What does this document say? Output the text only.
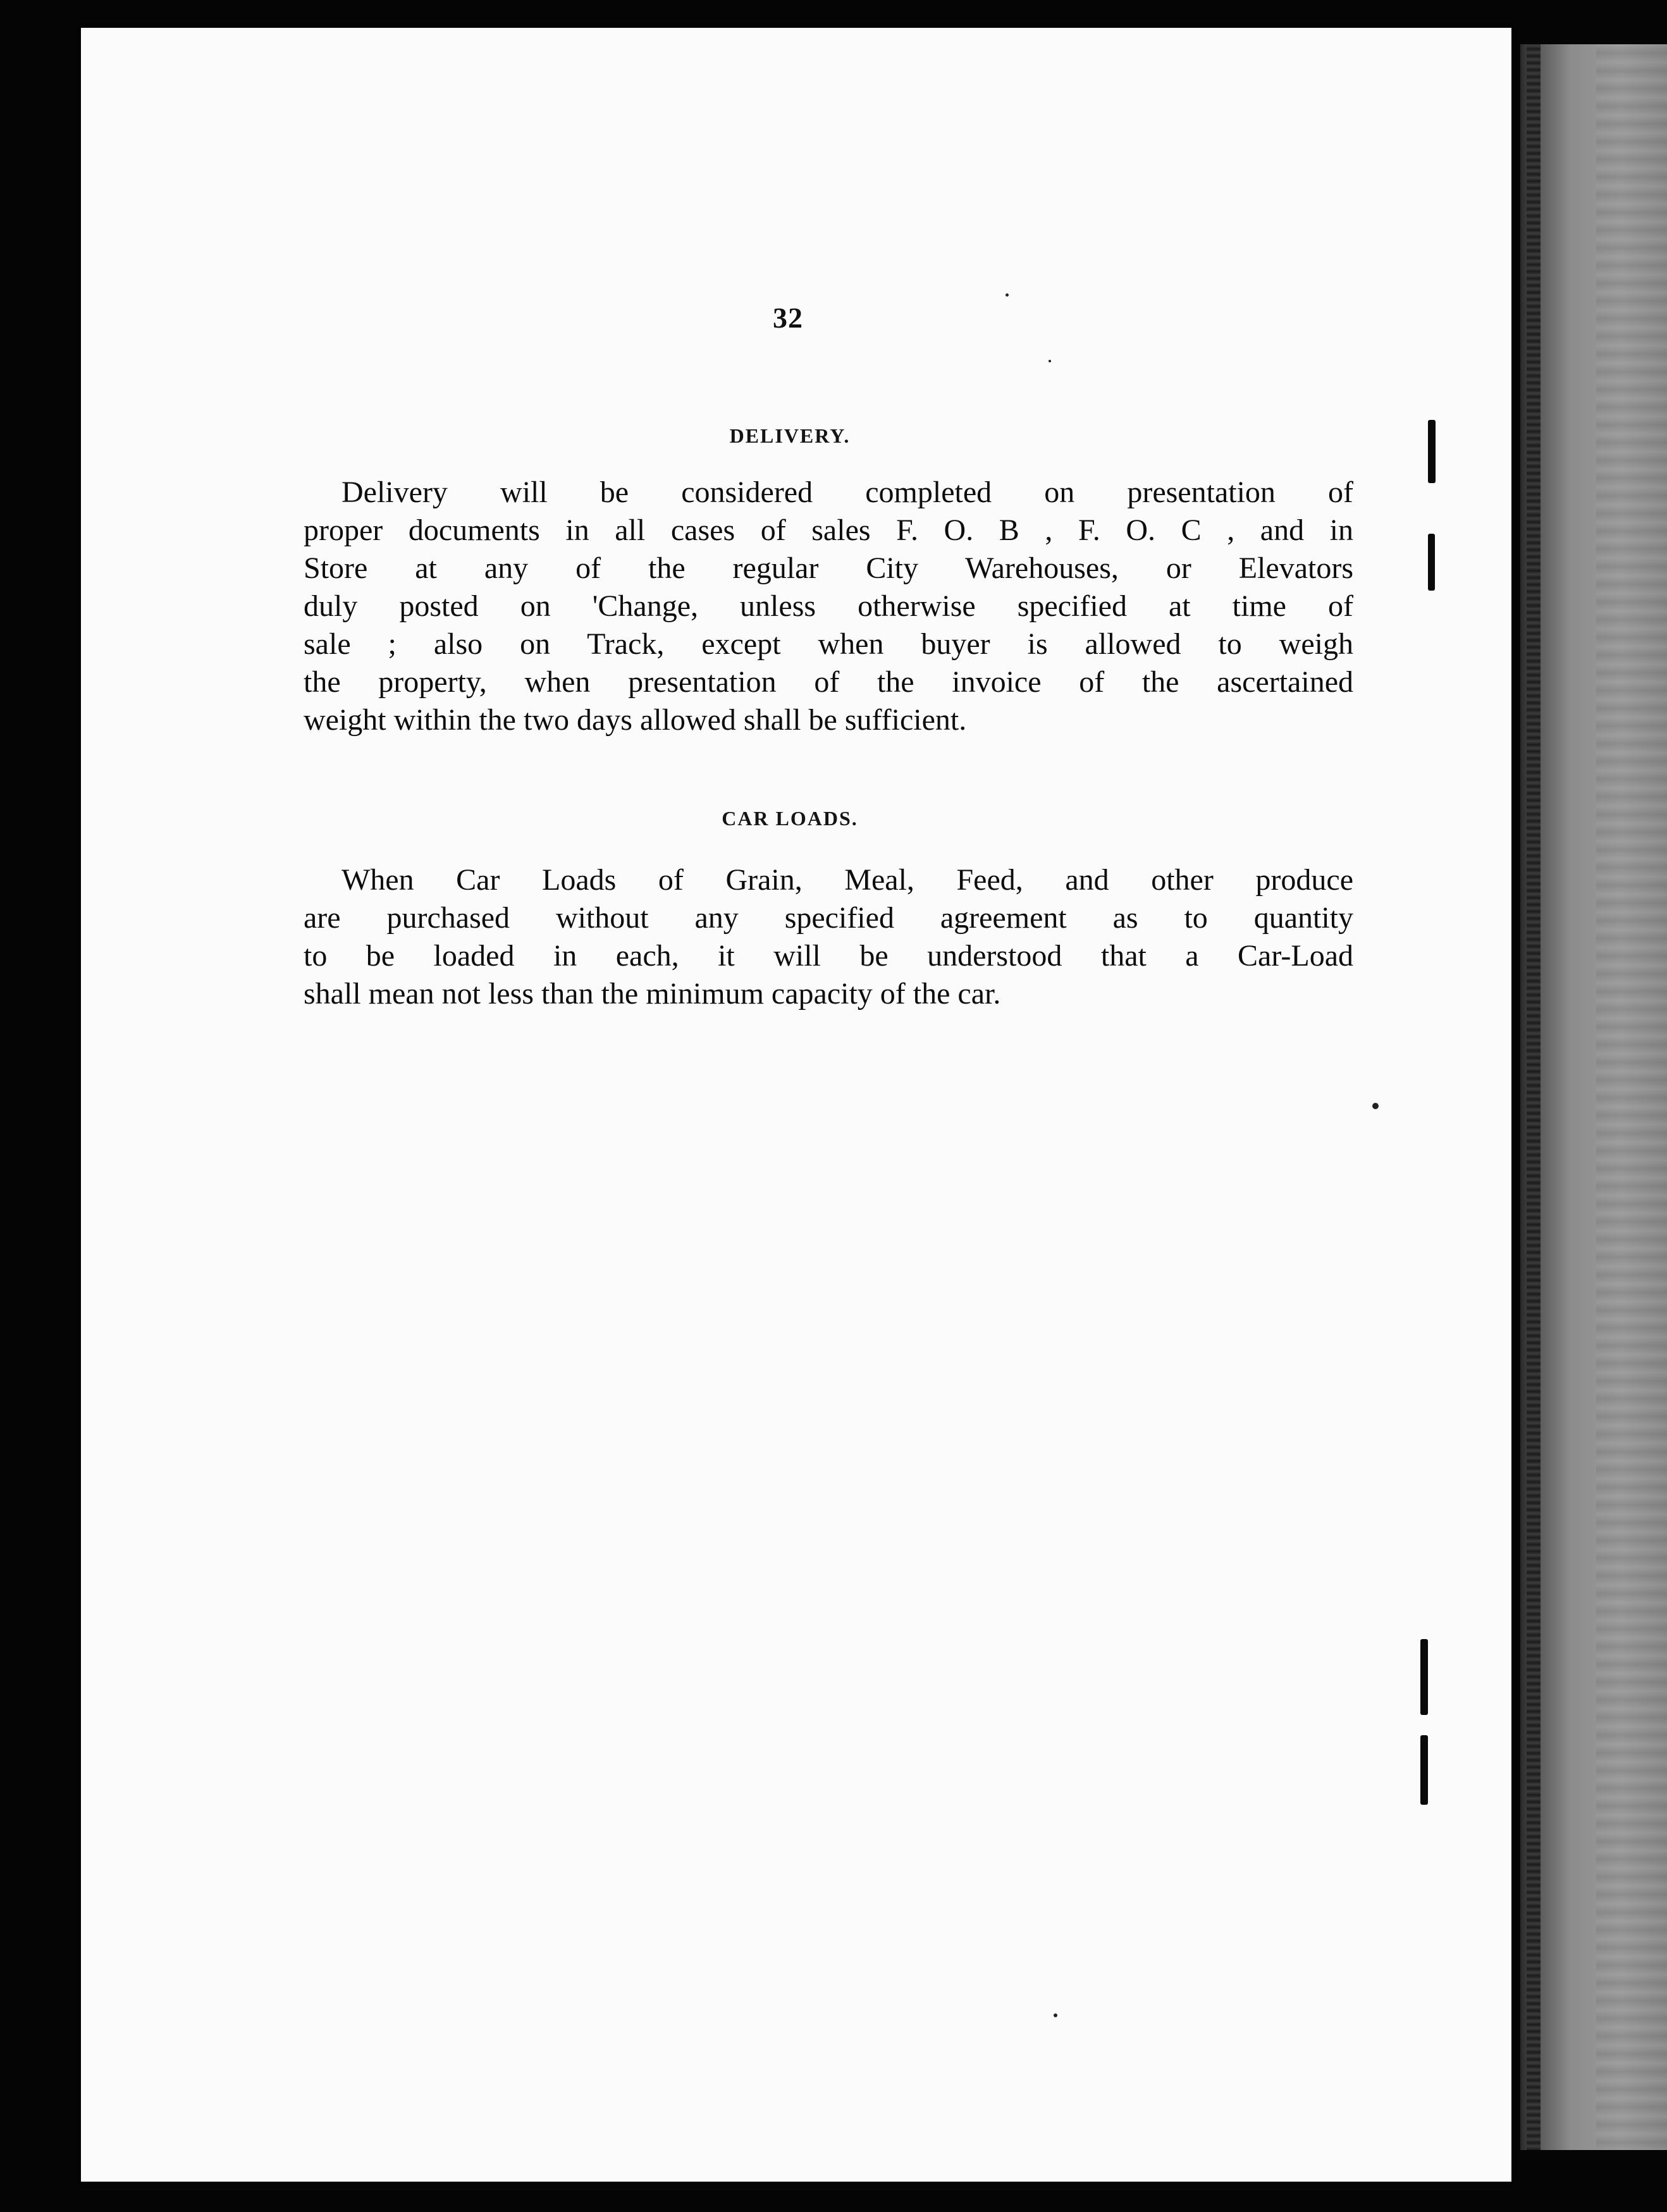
32
DELIVERY.
Delivery will be considered completed on presentation of
proper documents in all cases of sales F. O. B , F. O. C , and in
Store at any of the regular City Warehouses, or Elevators
duly posted on 'Change, unless otherwise specified at time of
sale ; also on Track, except when buyer is allowed to weigh
the property, when presentation of the invoice of the ascertained
weight within the two days allowed shall be sufficient.
CAR LOADS.
When Car Loads of Grain, Meal, Feed, and other produce
are purchased without any specified agreement as to quantity
to be loaded in each, it will be understood that a Car-Load
shall mean not less than the minimum capacity of the car.
